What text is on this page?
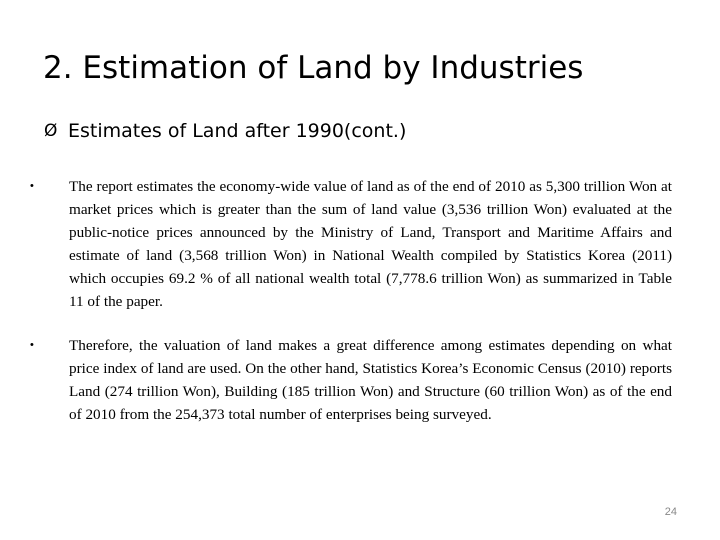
2. Estimation of Land by Industries
Ø Estimates of Land after 1990(cont.)
•	The report estimates the economy-wide value of land as of the end of 2010 as 5,300 trillion Won at market prices which is greater than the sum of land value (3,536 trillion Won) evaluated at the public-notice prices announced by the Ministry of Land, Transport and Maritime Affairs and estimate of land (3,568 trillion Won) in National Wealth compiled by Statistics Korea (2011) which occupies 69.2 % of all national wealth total (7,778.6 trillion Won) as summarized in Table 11 of the paper.

•	Therefore, the valuation of land makes a great difference among estimates depending on what price index of land are used. On the other hand, Statistics Korea’s Economic Census (2010) reports Land (274 trillion Won), Building (185 trillion Won) and Structure (60 trillion Won) as of the end of 2010 from the 254,373 total number of enterprises being surveyed.

24
